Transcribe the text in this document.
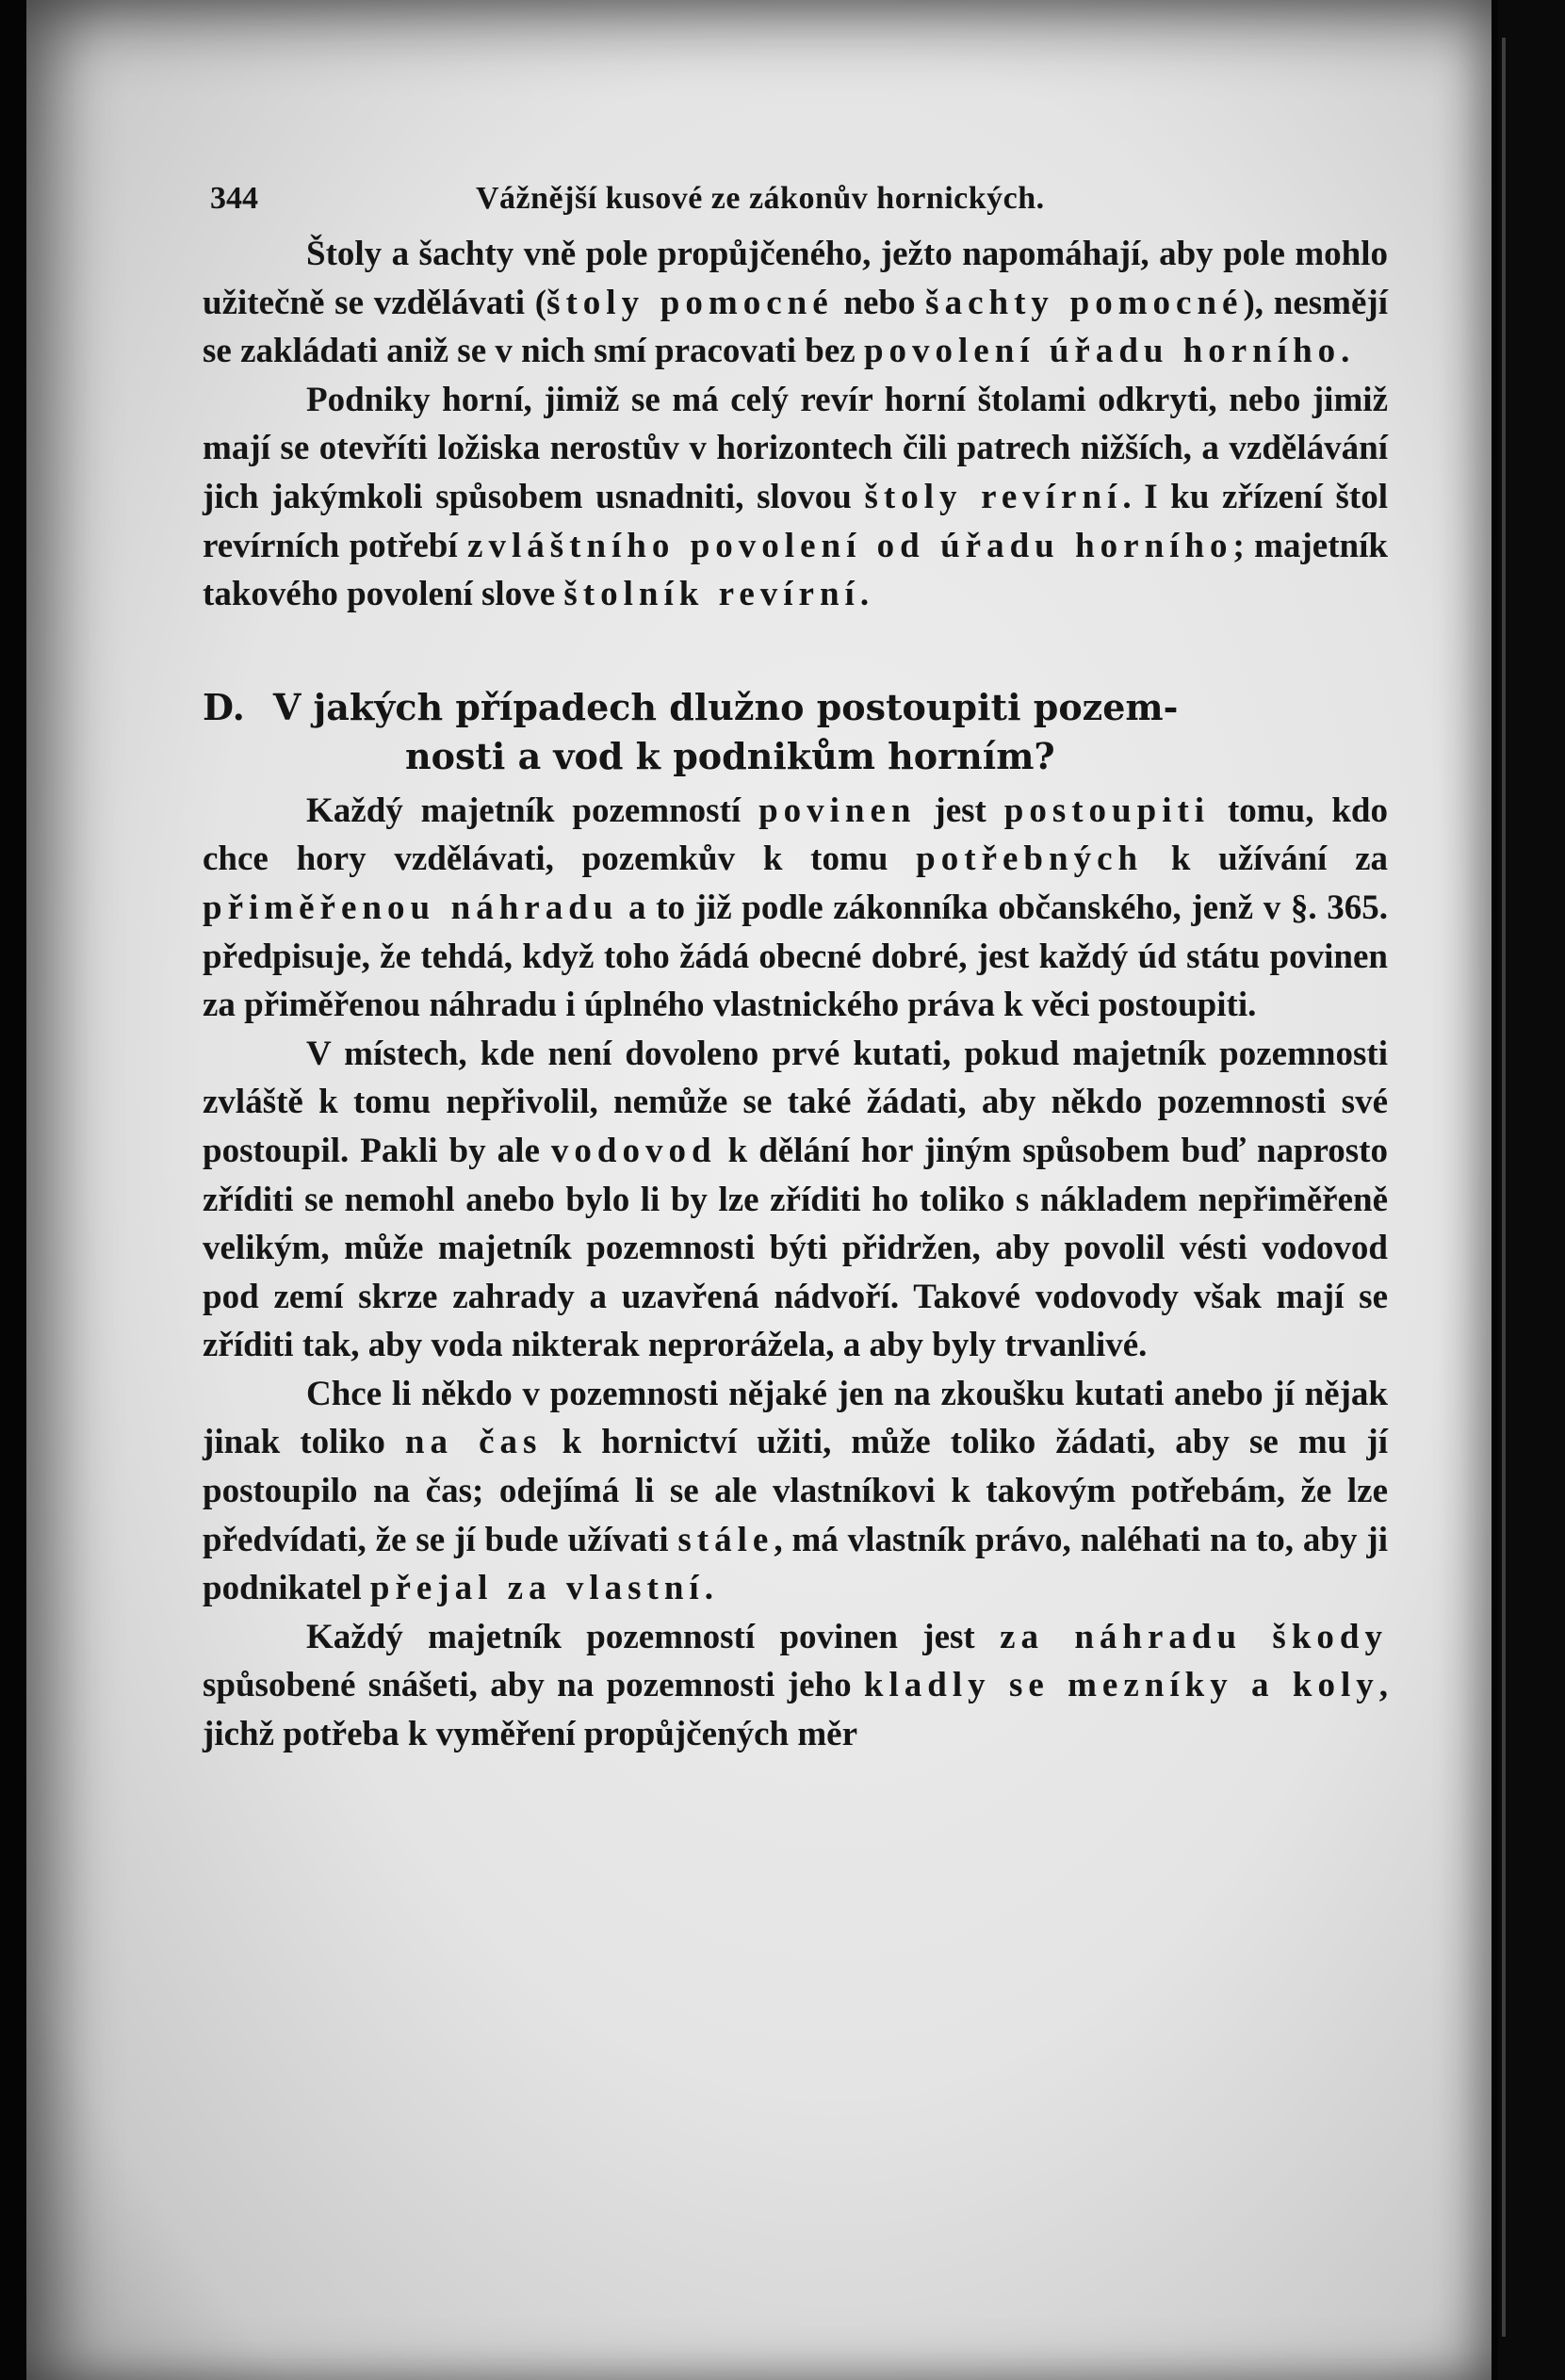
344	Vážnější kusové ze zákonův hornických.

Štoly a šachty vně pole propůjčeného, ježto napomáhají, aby pole mohlo užitečně se vzdělávati (štoly pomocné nebo šachty pomocné), nesmějí se zakládati aniž se v nich smí pracovati bez povolení úřadu horního.

Podniky horní, jimiž se má celý revír horní štolami odkryti, nebo jimiž mají se otevříti ložiska nerostův v horizontech čili patrech nižších, a vzdělávání jich jakýmkoli spůsobem usnadniti, slovou štoly revírní. I ku zřízení štol revírních potřebí zvláštního povolení od úřadu horního; majetník takového povolení slove štolník revírní.

D. V jakých případech dlužno postoupiti pozem-
nosti a vod k podnikům horním?

Každý majetník pozemností povinen jest postoupiti tomu, kdo chce hory vzdělávati, pozemkův k tomu potřebných k užívání za přiměřenou náhradu a to již podle zákonníka občanského, jenž v §. 365. předpisuje, že tehdá, když toho žádá obecné dobré, jest každý úd státu povinen za přiměřenou náhradu i úplného vlastnického práva k věci postoupiti.

V místech, kde není dovoleno prvé kutati, pokud majetník pozemnosti zvláště k tomu nepřivolil, nemůže se také žádati, aby někdo pozemnosti své postoupil. Pakli by ale vodovod k dělání hor jiným spůsobem buď naprosto zříditi se nemohl anebo bylo li by lze zříditi ho toliko s nákladem nepřiměřeně velikým, může majetník pozemnosti býti přidržen, aby povolil vésti vodovod pod zemí skrze zahrady a uzavřená nádvoří. Takové vodovody však mají se zříditi tak, aby voda nikterak neprorážela, a aby byly trvanlivé.

Chce li někdo v pozemnosti nějaké jen na zkoušku kutati anebo jí nějak jinak toliko na čas k hornictví užiti, může toliko žádati, aby se mu jí postoupilo na čas; odejímá li se ale vlastníkovi k takovým potřebám, že lze předvídati, že se jí bude užívati stále, má vlastník právo, naléhati na to, aby ji podnikatel přejal za vlastní.

Každý majetník pozemností povinen jest za náhradu škody spůsobené snášeti, aby na pozemnosti jeho kladly se mezníky a koly, jichž potřeba k vyměření propůjčených měr
